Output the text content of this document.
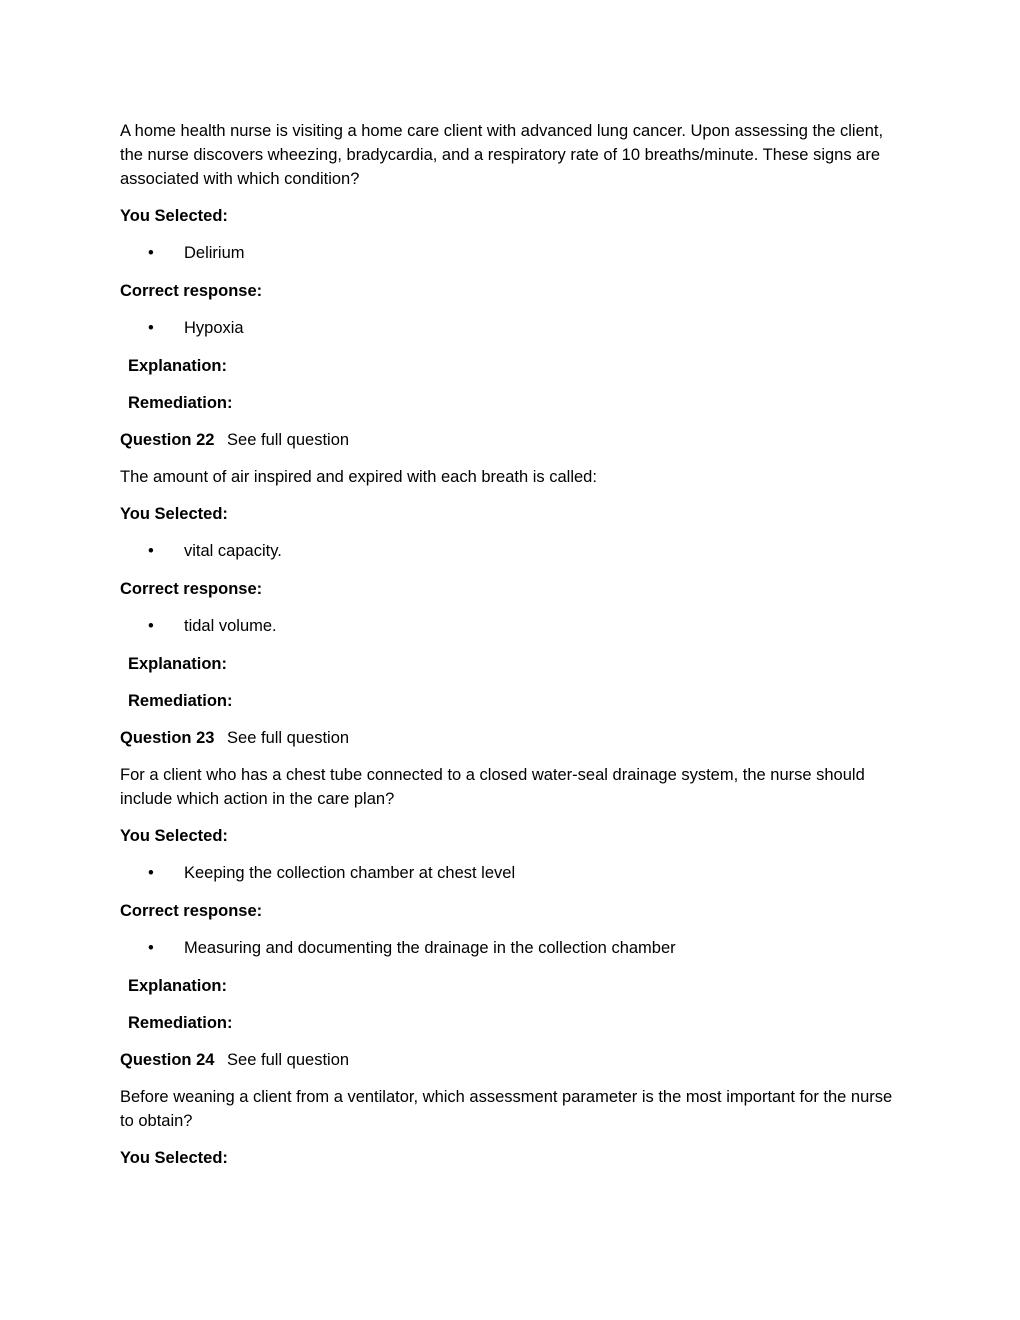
A home health nurse is visiting a home care client with advanced lung cancer. Upon assessing the client, the nurse discovers wheezing, bradycardia, and a respiratory rate of 10 breaths/minute. These signs are associated with which condition?

You Selected:

•	Delirium

Correct response:

•	Hypoxia

Explanation:

Remediation:

Question 22 See full question

The amount of air inspired and expired with each breath is called:

You Selected:

•	vital capacity.

Correct response:

•	tidal volume.

Explanation:

Remediation:

Question 23 See full question

For a client who has a chest tube connected to a closed water-seal drainage system, the nurse should include which action in the care plan?

You Selected:

•	Keeping the collection chamber at chest level

Correct response:

•	Measuring and documenting the drainage in the collection chamber

Explanation:

Remediation:

Question 24 See full question

Before weaning a client from a ventilator, which assessment parameter is the most important for the nurse to obtain?

You Selected:
